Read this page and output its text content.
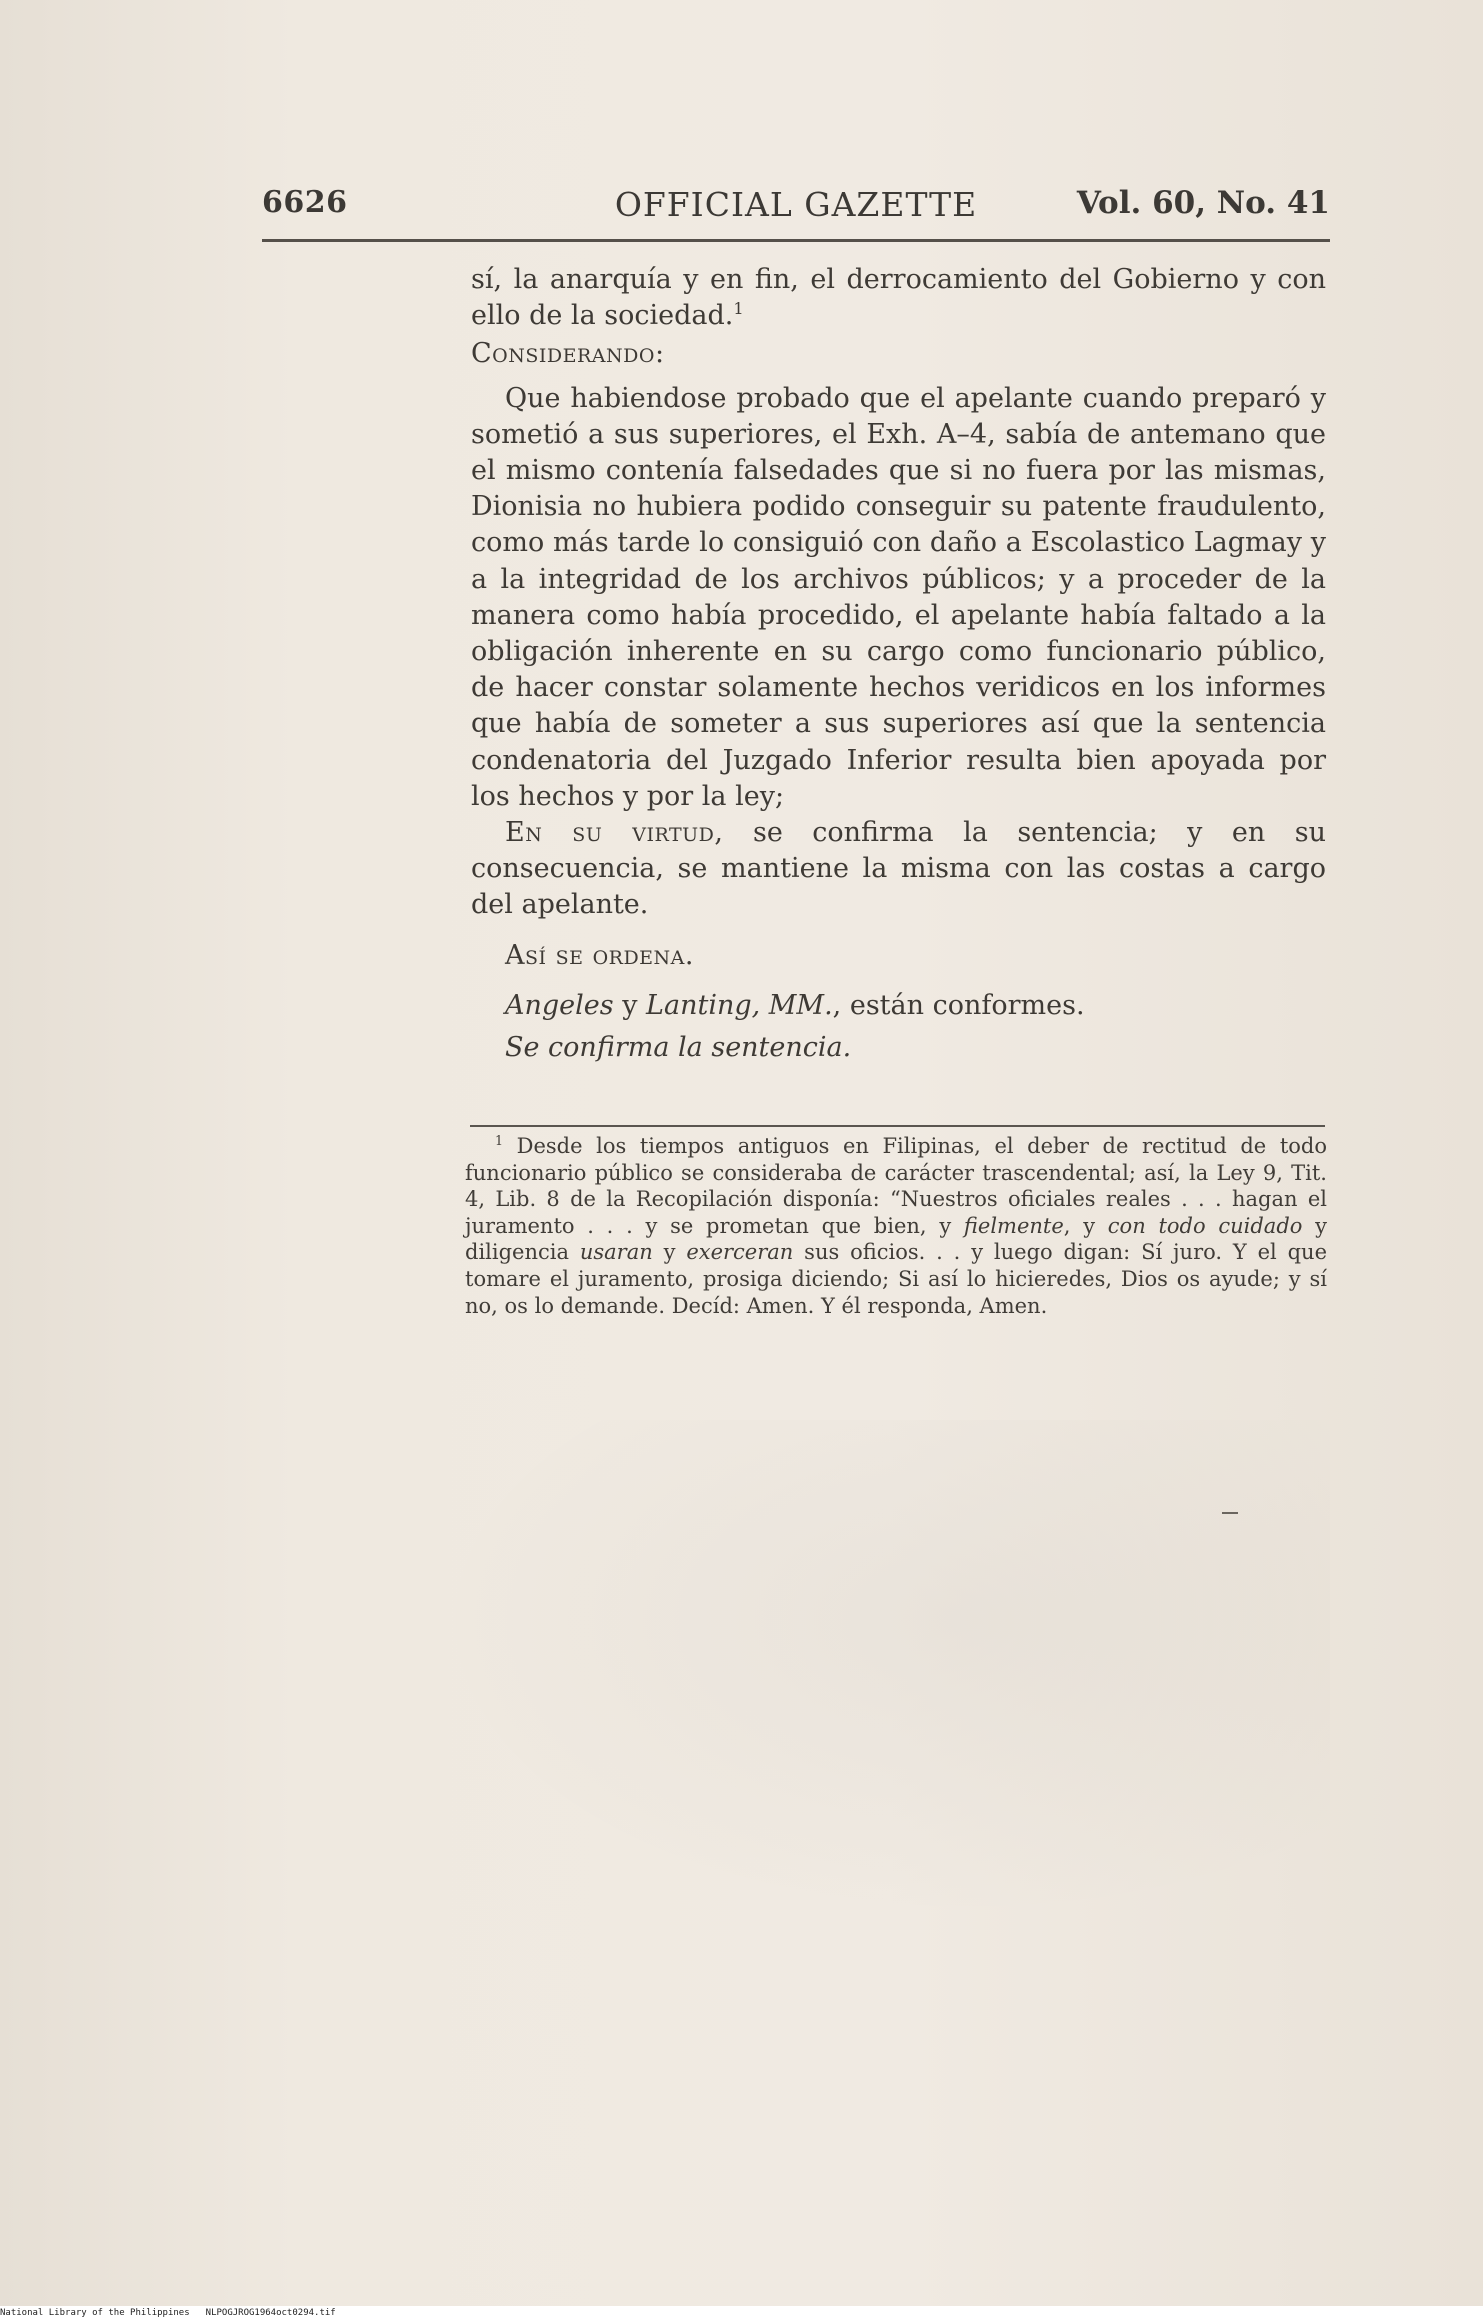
6626	OFFICIAL GAZETTE	Vol. 60, No. 41

sí, la anarquía y en fin, el derrocamiento del Gobierno y con ello de la sociedad.$^1$

Considerando:

Que habiendose probado que el apelante cuando preparó y sometió a sus superiores, el Exh. A–4, sabía de antemano que el mismo contenía falsedades que si no fuera por las mismas, Dionisia no hubiera podido conseguir su patente fraudulento, como más tarde lo consiguió con daño a Escolastico Lagmay y a la integridad de los archivos públicos; y a proceder de la manera como había procedido, el apelante había faltado a la obligación inherente en su cargo como funcionario público, de hacer constar solamente hechos veridicos en los informes que había de someter a sus superiores así que la sentencia condenatoria del Juzgado Inferior resulta bien apoyada por los hechos y por la ley;

En su virtud, se confirma la sentencia; y en su consecuencia, se mantiene la misma con las costas a cargo del apelante.

Así se ordena.

Angeles y Lanting, MM., están conformes.

Se confirma la sentencia.

$^1$ Desde los tiempos antiguos en Filipinas, el deber de rectitud de todo funcionario público se consideraba de carácter trascendental; así, la Ley 9, Tit. 4, Lib. 8 de la Recopilación disponía: “Nuestros oficiales reales . . . hagan el juramento . . . y se prometan que bien, y fielmente, y con todo cuidado y diligencia usaran y exerceran sus oficios. . . y luego digan: Sí juro. Y el que tomare el juramento, prosiga diciendo; Si así lo hicieredes, Dios os ayude; y sí no, os lo demande. Decíd: Amen. Y él responda, Amen.

National Library of the Philippines NLPOGJROG1964oct0294.tif
